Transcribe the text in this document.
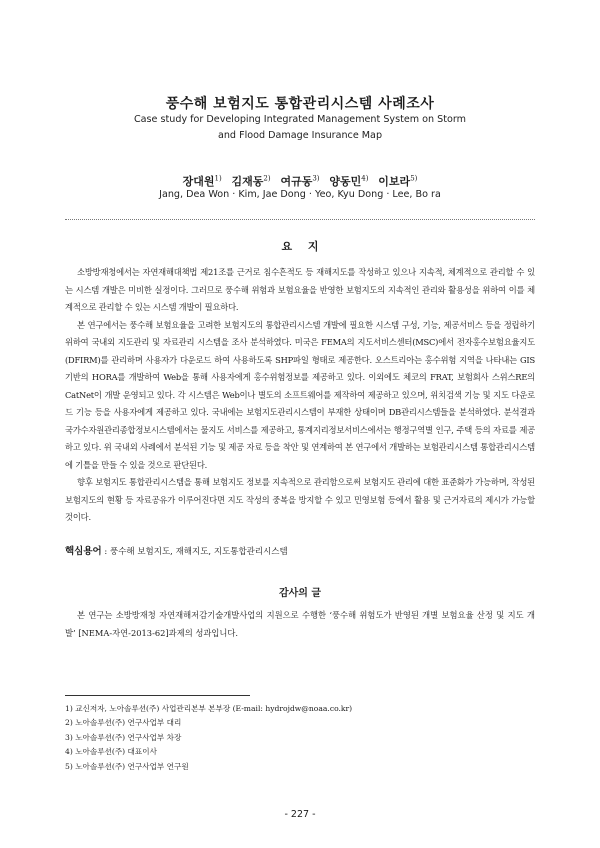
풍수해 보험지도 통합관리시스템 사례조사
Case study for Developing Integrated Management System on Storm
and Flood Damage Insurance Map
장대원$^{1)}$ 김재동$^{2)}$ 여규동$^{3)}$ 양동민$^{4)}$ 이보라$^{5)}$
Jang, Dea Won · Kim, Jae Dong · Yeo, Kyu Dong · Lee, Bo ra
요 지

소방방재청에서는 자연재해대책법 제21조를 근거로 침수흔적도 등 재해지도를 작성하고 있으나 지속적, 체계적으로 관리할 수 있는 시스템 개발은 미비한 실정이다. 그러므로 풍수해 위험과 보험요율을 반영한 보험지도의 지속적인 관리와 활용성을 위하여 이를 체계적으로 관리할 수 있는 시스템 개발이 필요하다.

본 연구에서는 풍수해 보험요율을 고려한 보험지도의 통합관리시스템 개발에 필요한 시스템 구성, 기능, 제공서비스 등을 정립하기 위하여 국내외 지도관리 및 자료관리 시스템을 조사 분석하였다. 미국은 FEMA의 지도서비스센터(MSC)에서 전자홍수보험요율지도(DFIRM)를 관리하며 사용자가 다운로드 하여 사용하도록 SHP파일 형태로 제공한다. 오스트리아는 홍수위험 지역을 나타내는 GIS 기반의 HORA를 개발하여 Web을 통해 사용자에게 홍수위험정보를 제공하고 있다. 이외에도 체코의 FRAT, 보험회사 스위스RE의 CatNet이 개발 운영되고 있다. 각 시스템은 Web이나 별도의 소프트웨어를 제작하여 제공하고 있으며, 위치검색 기능 및 지도 다운로드 기능 등을 사용자에게 제공하고 있다. 국내에는 보험지도관리시스템이 부재한 상태이며 DB관리시스템들을 분석하였다. 분석결과 국가수자원관리종합정보시스템에서는 물지도 서비스를 제공하고, 통계지리정보서비스에서는 행정구역별 인구, 주택 등의 자료를 제공하고 있다. 위 국내외 사례에서 분석된 기능 및 제공 자료 등을 착안 및 연계하여 본 연구에서 개발하는 보험관리시스템 통합관리시스템에 기틀을 만들 수 있을 것으로 판단된다.

향후 보험지도 통합관리시스템을 통해 보험지도 정보를 지속적으로 관리함으로써 보험지도 관리에 대한 표준화가 가능하며, 작성된 보험지도의 현황 등 자료공유가 이루어진다면 지도 작성의 중복을 방지할 수 있고 민영보험 등에서 활용 및 근거자료의 제시가 가능할 것이다.

핵심용어 : 풍수해 보험지도, 재해지도, 지도통합관리시스템
감사의 글

본 연구는 소방방재청 자연재해저감기술개발사업의 지원으로 수행한 ‘풍수해 위험도가 반영된 개별 보험요율 산정 및 지도 개발’ [NEMA-자연-2013-62]과제의 성과입니다.

1) 교신저자, 노아솔루션(주) 사업관리본부 본부장 (E-mail: hydrojdw@noaa.co.kr)
2) 노아솔루션(주) 연구사업부 대리
3) 노아솔루션(주) 연구사업부 차장
4) 노아솔루션(주) 대표이사
5) 노아솔루션(주) 연구사업부 연구원
- 227 -
